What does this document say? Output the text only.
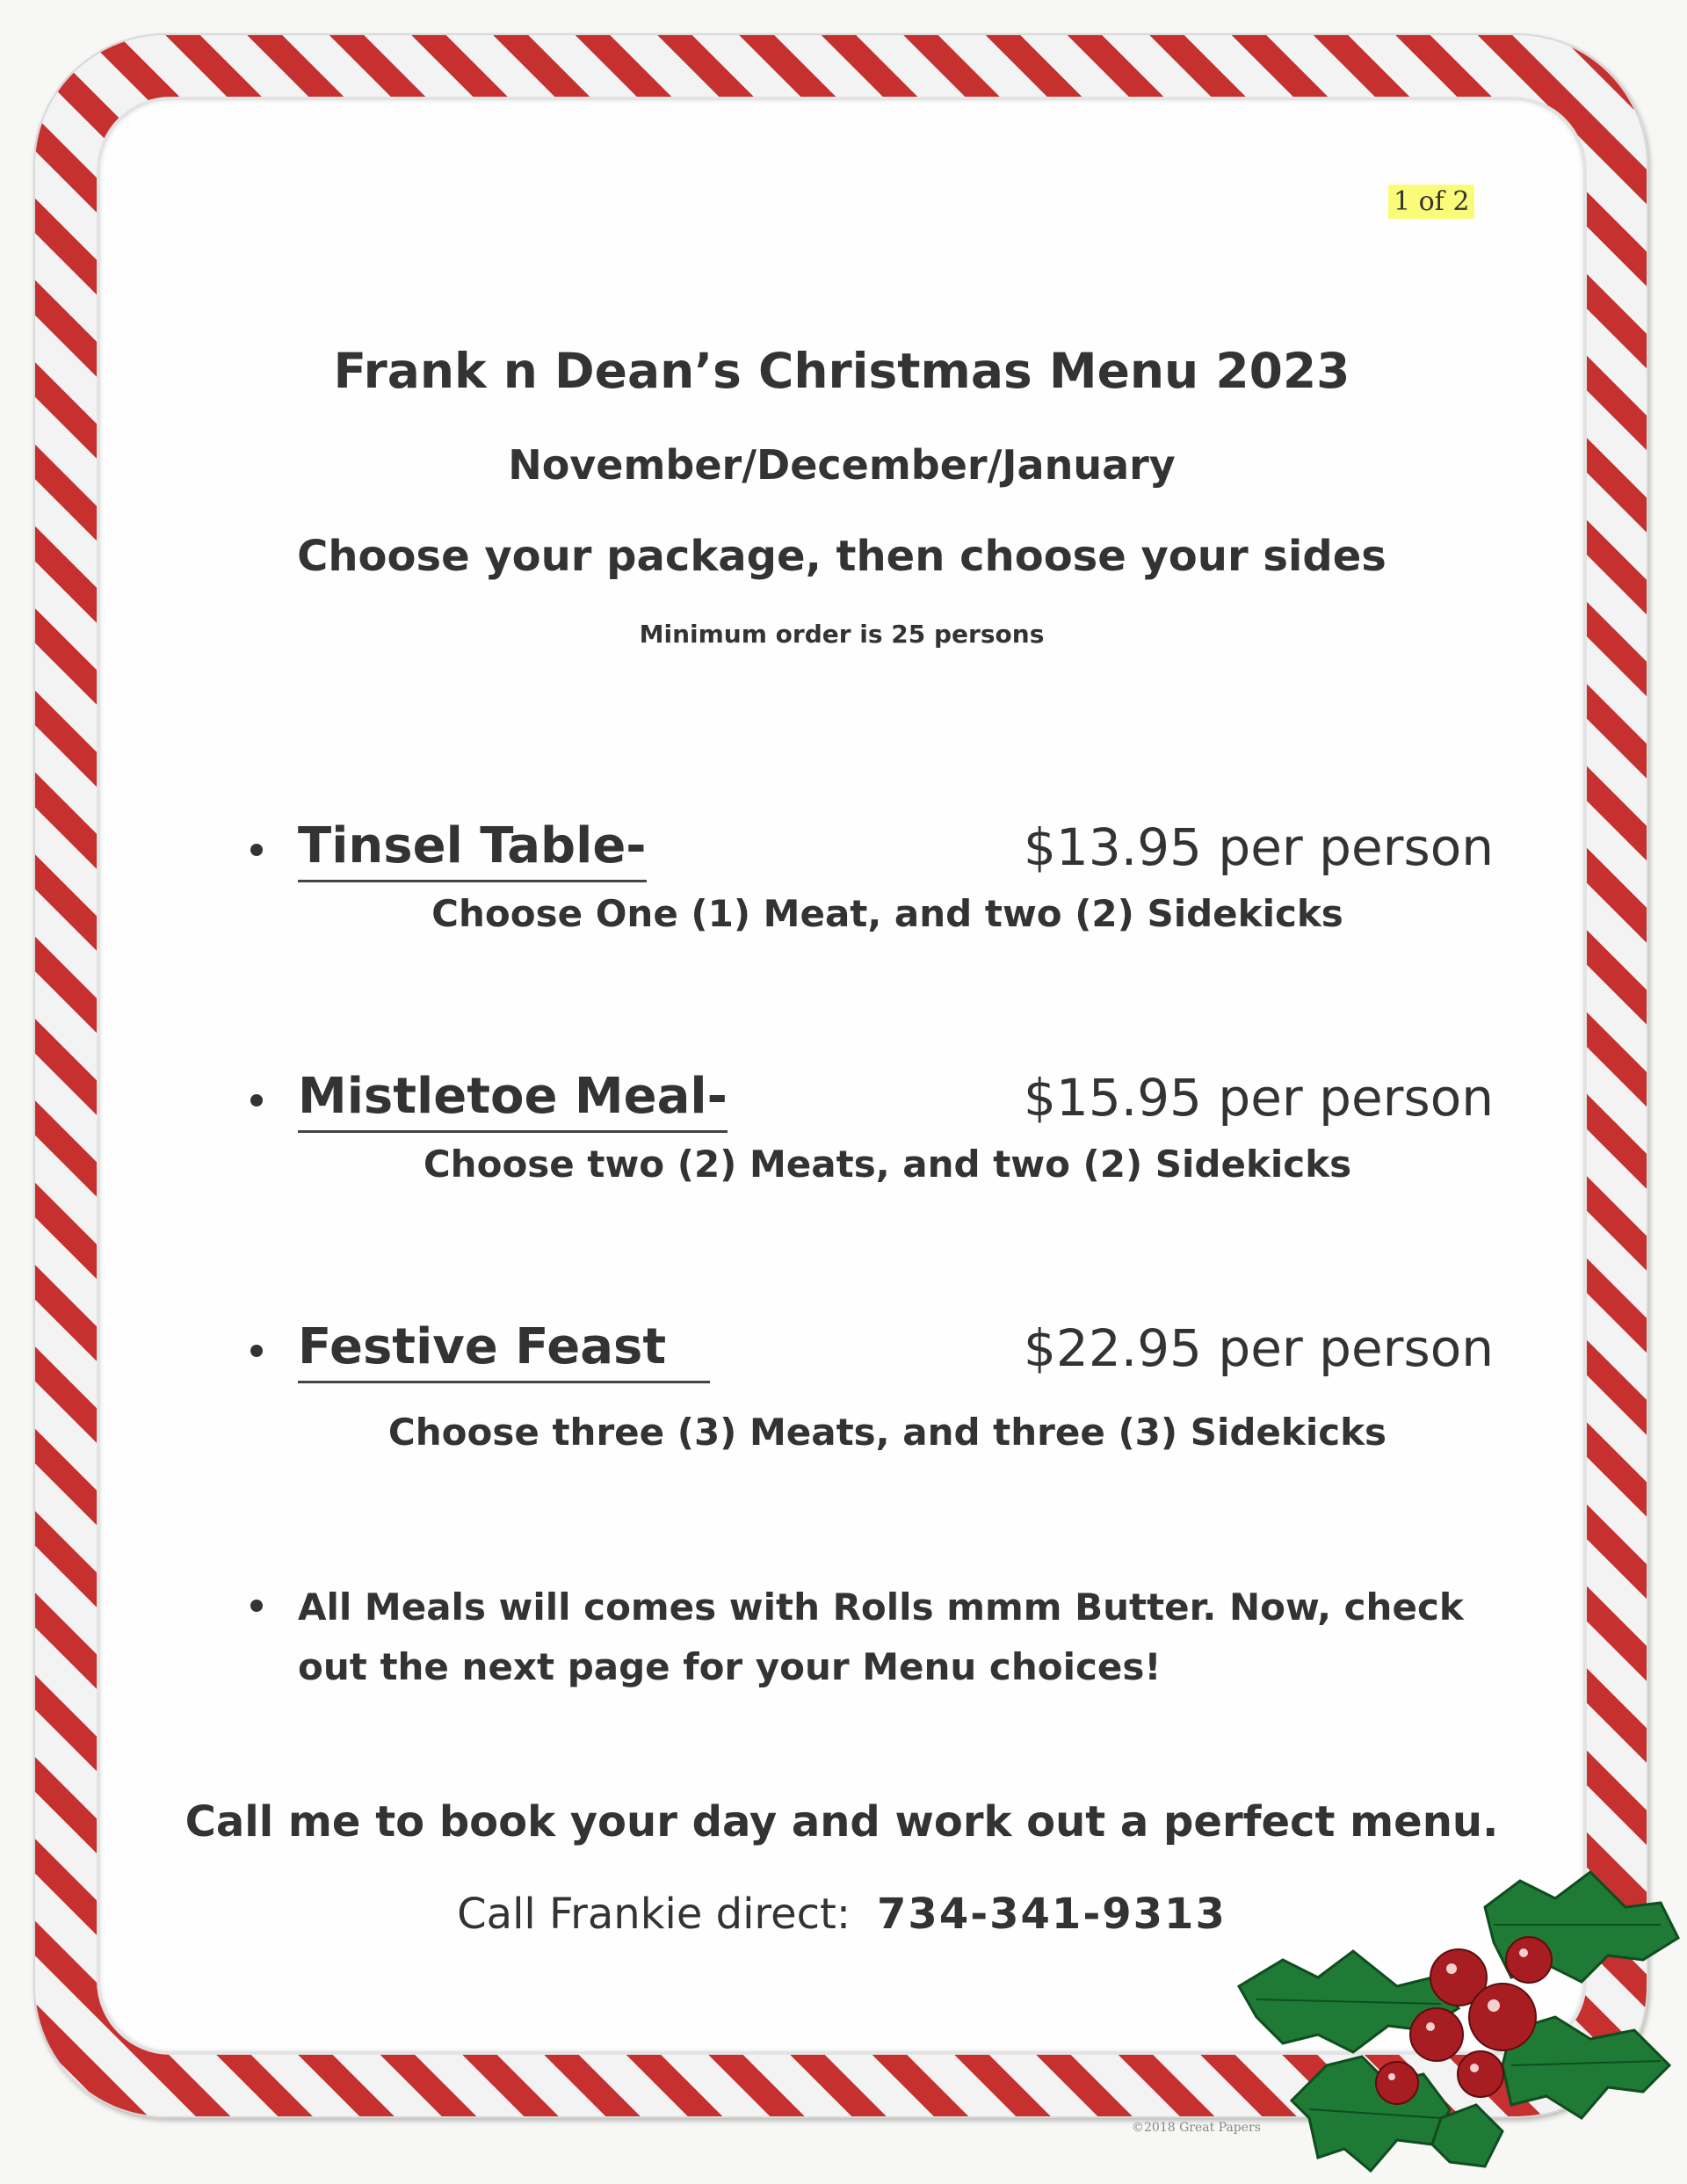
1 of 2
Frank n Dean’s Christmas Menu 2023
November/December/January
Choose your package, then choose your sides
Minimum order is 25 persons
Tinsel Table-	$13.95 per person
Choose One (1) Meat, and two (2) Sidekicks
Mistletoe Meal-	$15.95 per person
Choose two (2) Meats, and two (2) Sidekicks
Festive Feast	$22.95 per person
Choose three (3) Meats, and three (3) Sidekicks
All Meals will comes with Rolls mmm Butter. Now, check out the next page for your Menu choices!
Call me to book your day and work out a perfect menu.
Call Frankie direct: 734-341-9313
©2018 Great Papers
